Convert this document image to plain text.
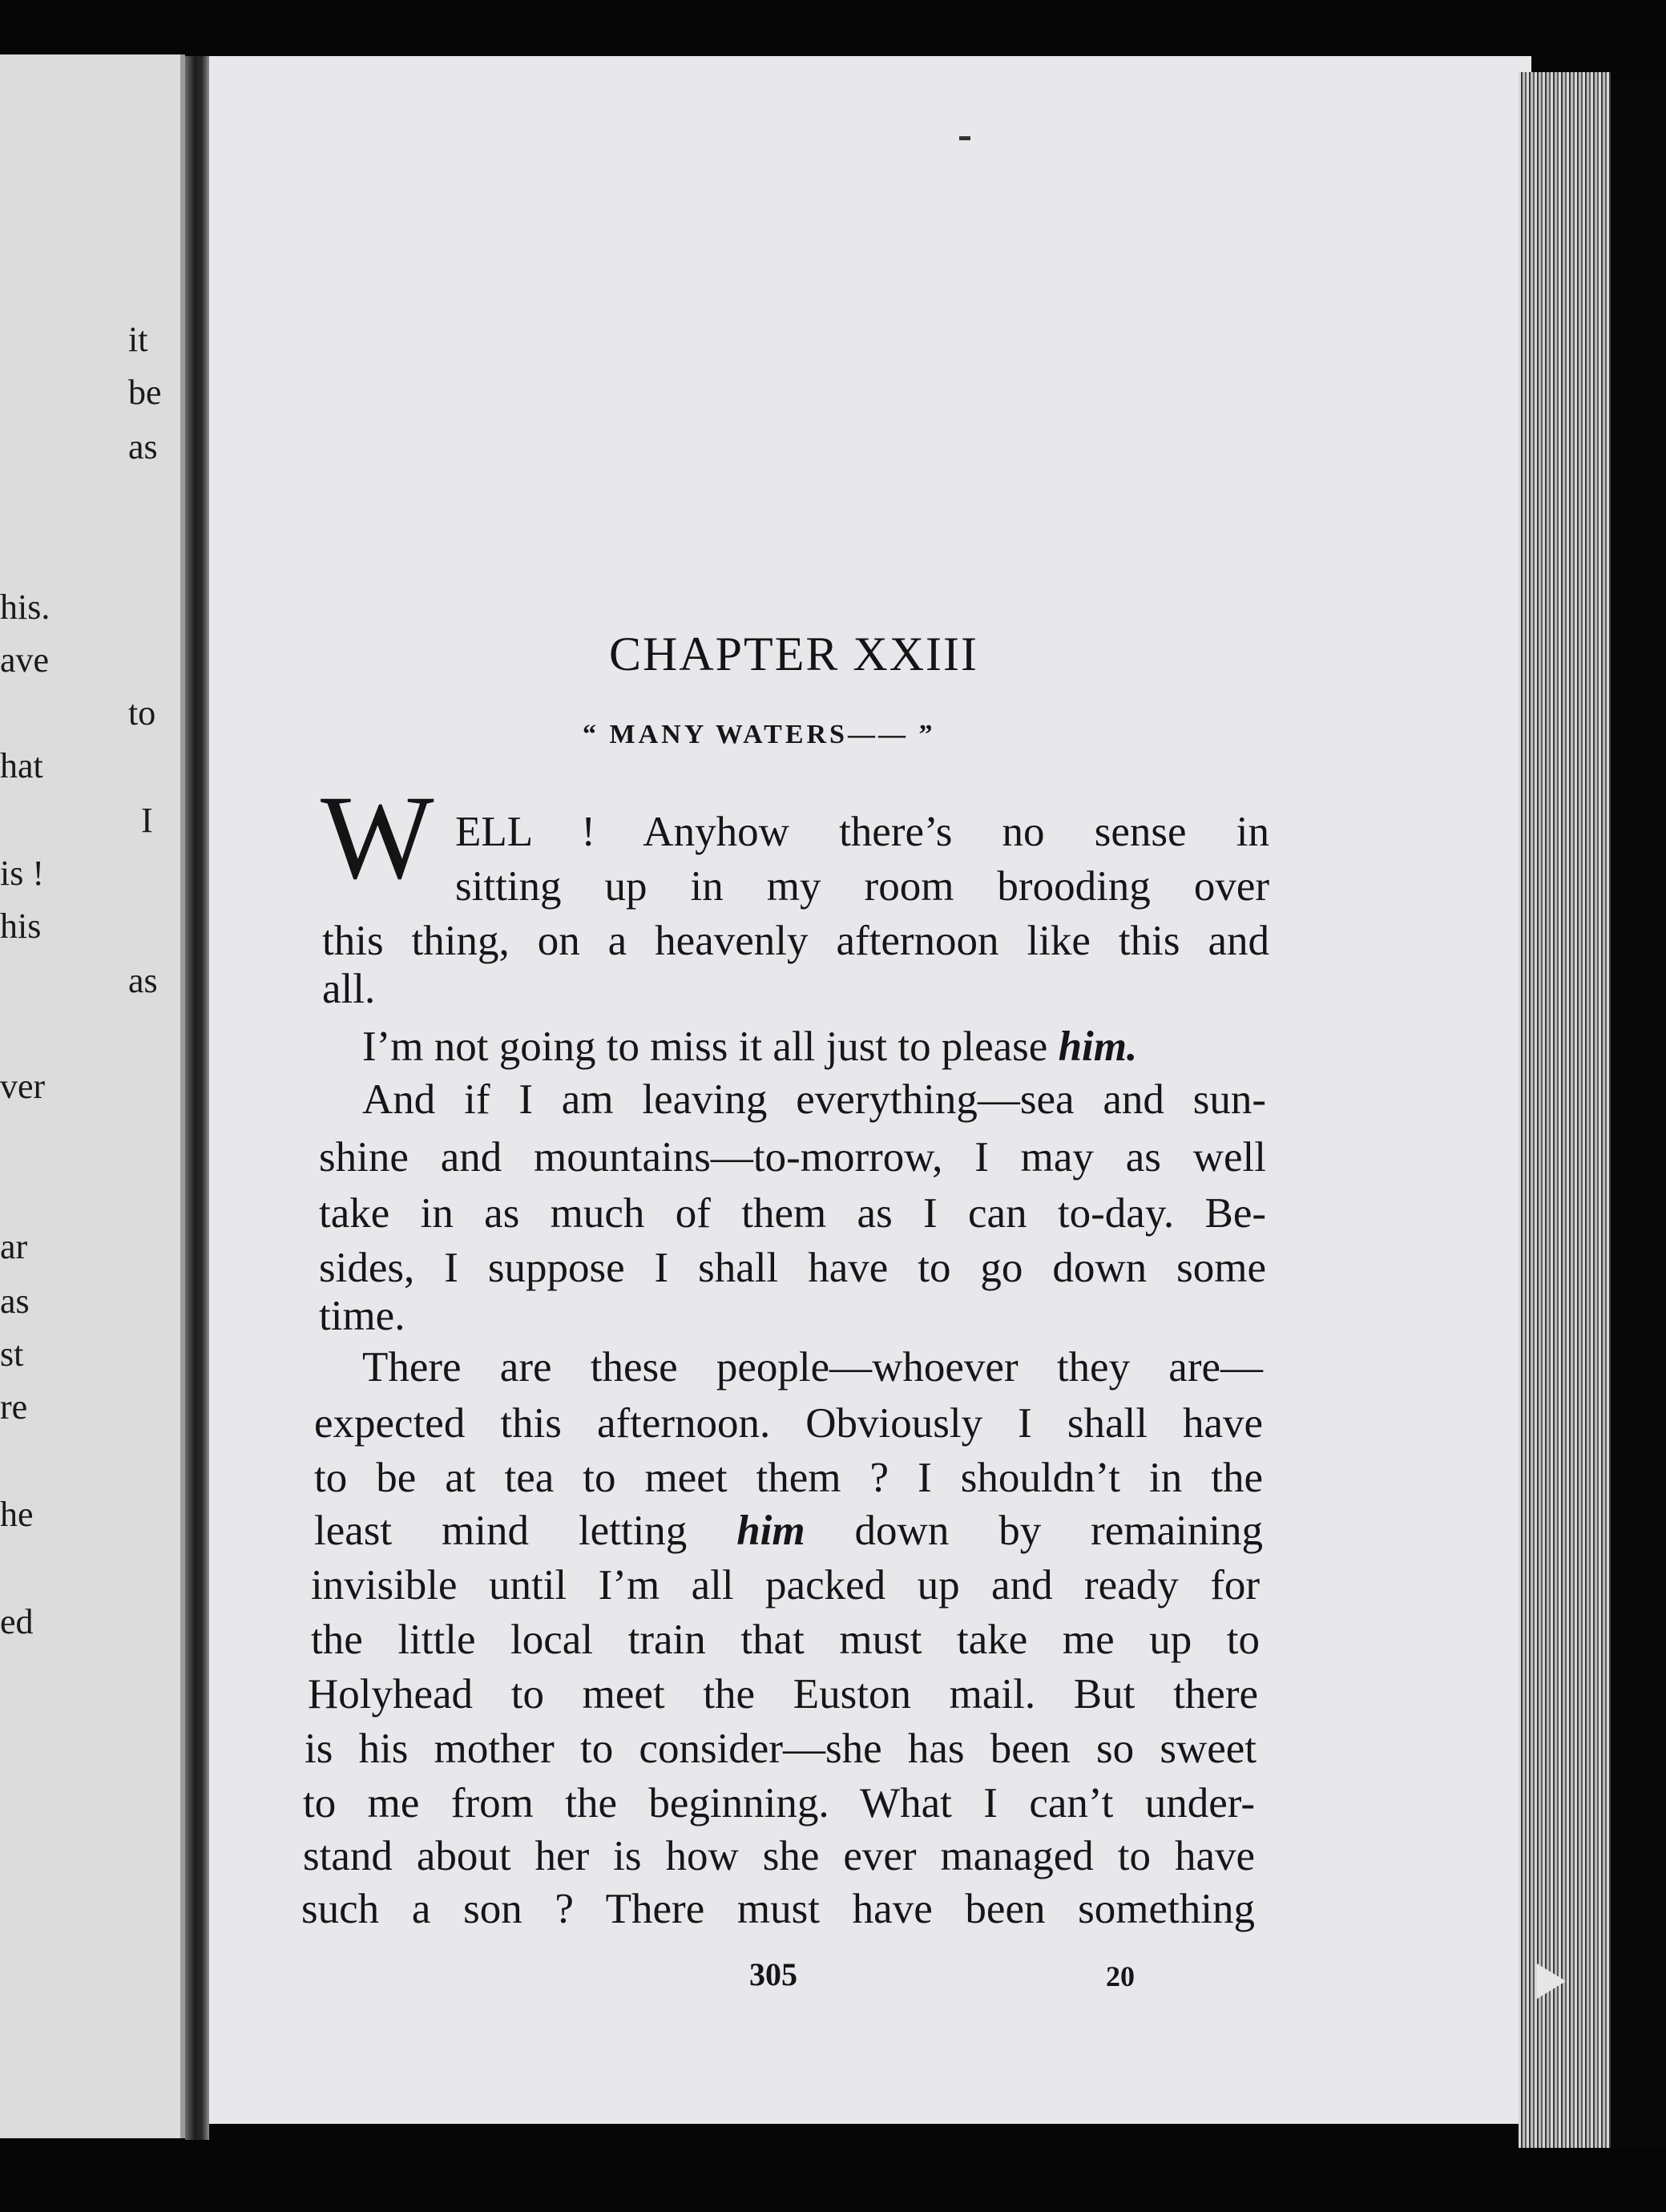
it
be
as
his.
ave
to
hat
I
is !
his
as
ver
ar
as
st
re
he
ed
CHAPTER XXIII
“ MANY WATERS—— ”
W ELL ! Anyhow there’s no sense in
sitting up in my room brooding over
this thing, on a heavenly afternoon like this and
all.
I’m not going to miss it all just to please him.
And if I am leaving everything—sea and sun-
shine and mountains—to-morrow, I may as well
take in as much of them as I can to-day. Be-
sides, I suppose I shall have to go down some
time.
There are these people—whoever they are—
expected this afternoon. Obviously I shall have
to be at tea to meet them ? I shouldn’t in the
least mind letting him down by remaining
invisible until I’m all packed up and ready for
the little local train that must take me up to
Holyhead to meet the Euston mail. But there
is his mother to consider—she has been so sweet
to me from the beginning. What I can’t under-
stand about her is how she ever managed to have
such a son ? There must have been something
305	20
